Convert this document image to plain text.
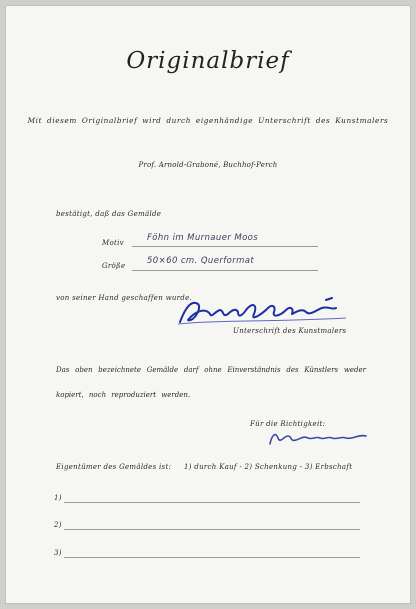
Originalbrief
Mit diesem Originalbrief wird durch eigenhändige Unterschrift des Kunstmalers
Prof. Arnold-Graboné, Buchhof-Perch
bestätigt, daß das Gemälde
Motiv	Föhn im Murnauer Moos
Größe	50×60 cm. Querformat
von seiner Hand geschaffen wurde.
Unterschrift des Kunstmalers
Das oben bezeichnete Gemälde darf ohne Einverständnis des Künstlers weder kopiert, noch reproduziert werden.
Für die Richtigkeit:
Eigentümer des Gemäldes ist: 1) durch Kauf - 2) Schenkung - 3) Erbschaft
1)
2)
3)
